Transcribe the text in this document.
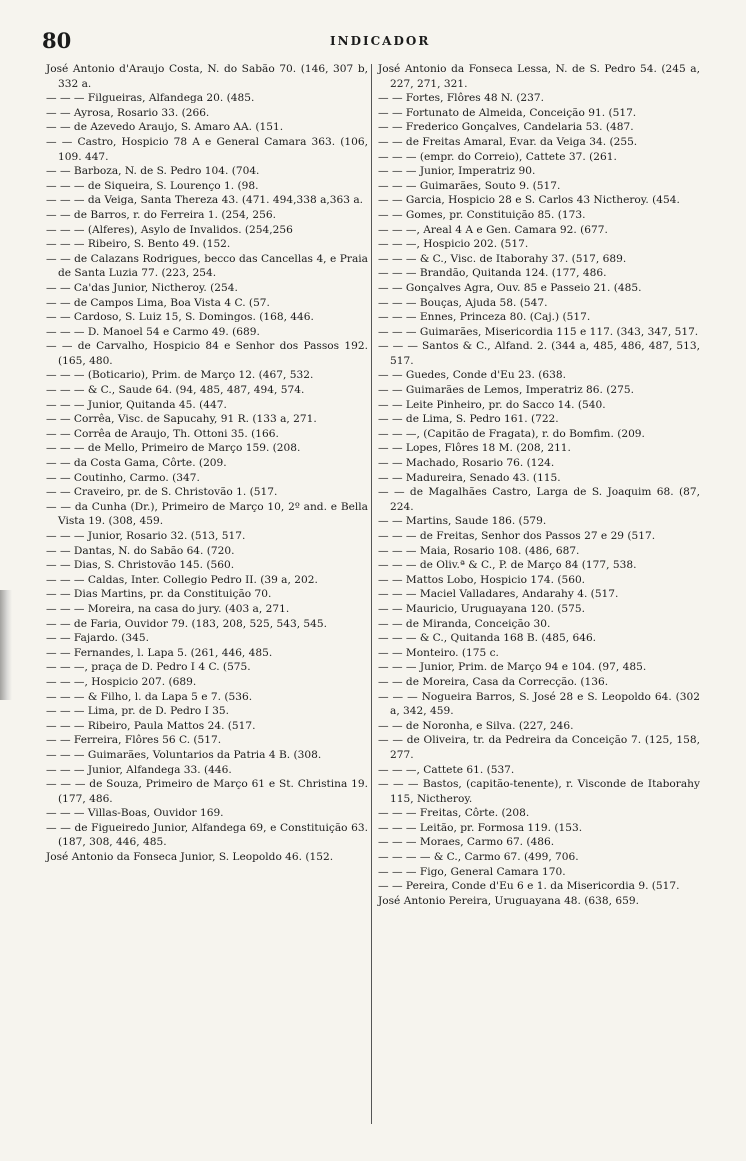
80	INDICADOR

José Antonio d'Araujo Costa, N. do Sabão 70. (146, 307 b, 332 a.

— — — Filgueiras, Alfandega 20. (485.

— — Ayrosa, Rosario 33. (266.

— — de Azevedo Araujo, S. Amaro AA. (151.

— — Castro, Hospicio 78 A e General Camara 363. (106, 109. 447.

— — Barboza, N. de S. Pedro 104. (704.

— — — de Siqueira, S. Lourenço 1. (98.

— — — da Veiga, Santa Thereza 43. (471. 494,338 a,363 a.

— — de Barros, r. do Ferreira 1. (254, 256.

— — — (Alferes), Asylo de Invalidos. (254,256

— — — Ribeiro, S. Bento 49. (152.

— — de Calazans Rodrigues, becco das Cancellas 4, e Praia de Santa Luzia 77. (223, 254.

— — Ca'das Junior, Nictheroy. (254.

— — de Campos Lima, Boa Vista 4 C. (57.

— — Cardoso, S. Luiz 15, S. Domingos. (168, 446.

— — — D. Manoel 54 e Carmo 49. (689.

— — de Carvalho, Hospicio 84 e Senhor dos Passos 192. (165, 480.

— — — (Boticario), Prim. de Março 12. (467, 532.

— — — & C., Saude 64. (94, 485, 487, 494, 574.

— — — Junior, Quitanda 45. (447.

— — Corrêa, Visc. de Sapucahy, 91 R. (133 a, 271.

— — Corrêa de Araujo, Th. Ottoni 35. (166.

— — — de Mello, Primeiro de Março 159. (208.

— — da Costa Gama, Côrte. (209.

— — Coutinho, Carmo. (347.

— — Craveiro, pr. de S. Christovão 1. (517.

— — da Cunha (Dr.), Primeiro de Março 10, 2º and. e Bella Vista 19. (308, 459.

— — — Junior, Rosario 32. (513, 517.

— — Dantas, N. do Sabão 64. (720.

— — Dias, S. Christovão 145. (560.

— — — Caldas, Inter. Collegio Pedro II. (39 a, 202.

— — Dias Martins, pr. da Constituição 70.

— — — Moreira, na casa do jury. (403 a, 271.

— — de Faria, Ouvidor 79. (183, 208, 525, 543, 545.

— — Fajardo. (345.

— — Fernandes, l. Lapa 5. (261, 446, 485.

— — —, praça de D. Pedro I 4 C. (575.

— — —, Hospicio 207. (689.

— — — & Filho, l. da Lapa 5 e 7. (536.

— — — Lima, pr. de D. Pedro I 35.

— — — Ribeiro, Paula Mattos 24. (517.

— — Ferreira, Flôres 56 C. (517.

— — — Guimarães, Voluntarios da Patria 4 B. (308.

— — — Junior, Alfandega 33. (446.

— — — de Souza, Primeiro de Março 61 e St. Christina 19. (177, 486.

— — — Villas-Boas, Ouvidor 169.

— — de Figueiredo Junior, Alfandega 69, e Constituição 63. (187, 308, 446, 485.

José Antonio da Fonseca Junior, S. Leopoldo 46. (152.

José Antonio da Fonseca Lessa, N. de S. Pedro 54. (245 a, 227, 271, 321.

— — Fortes, Flôres 48 N. (237.

— — Fortunato de Almeida, Conceição 91. (517.

— — Frederico Gonçalves, Candelaria 53. (487.

— — de Freitas Amaral, Evar. da Veiga 34. (255.

— — — (empr. do Correio), Cattete 37. (261.

— — — Junior, Imperatriz 90.

— — — Guimarães, Souto 9. (517.

— — Garcia, Hospicio 28 e S. Carlos 43 Nictheroy. (454.

— — Gomes, pr. Constituição 85. (173.

— — —, Areal 4 A e Gen. Camara 92. (677.

— — —, Hospicio 202. (517.

— — — & C., Visc. de Itaborahy 37. (517, 689.

— — — Brandão, Quitanda 124. (177, 486.

— — Gonçalves Agra, Ouv. 85 e Passeio 21. (485.

— — — Bouças, Ajuda 58. (547.

— — — Ennes, Princeza 80. (Caj.) (517.

— — — Guimarães, Misericordia 115 e 117. (343, 347, 517.

— — — Santos & C., Alfand. 2. (344 a, 485, 486, 487, 513, 517.

— — Guedes, Conde d'Eu 23. (638.

— — Guimarães de Lemos, Imperatriz 86. (275.

— — Leite Pinheiro, pr. do Sacco 14. (540.

— — de Lima, S. Pedro 161. (722.

— — —, (Capitão de Fragata), r. do Bomfim. (209.

— — Lopes, Flôres 18 M. (208, 211.

— — Machado, Rosario 76. (124.

— — Madureira, Senado 43. (115.

— — de Magalhães Castro, Larga de S. Joaquim 68. (87, 224.

— — Martins, Saude 186. (579.

— — — de Freitas, Senhor dos Passos 27 e 29 (517.

— — — Maia, Rosario 108. (486, 687.

— — — de Oliv.ª & C., P. de Março 84 (177, 538.

— — Mattos Lobo, Hospicio 174. (560.

— — — Maciel Valladares, Andarahy 4. (517.

— — Mauricio, Uruguayana 120. (575.

— — de Miranda, Conceição 30.

— — — & C., Quitanda 168 B. (485, 646.

— — Monteiro. (175 c.

— — — Junior, Prim. de Março 94 e 104. (97, 485.

— — de Moreira, Casa da Correcção. (136.

— — — Nogueira Barros, S. José 28 e S. Leopoldo 64. (302 a, 342, 459.

— — de Noronha, e Silva. (227, 246.

— — de Oliveira, tr. da Pedreira da Conceição 7. (125, 158, 277.

— — —, Cattete 61. (537.

— — — Bastos, (capitão-tenente), r. Visconde de Itaborahy 115, Nictheroy.

— — — Freitas, Côrte. (208.

— — — Leitão, pr. Formosa 119. (153.

— — — Moraes, Carmo 67. (486.

— — — — & C., Carmo 67. (499, 706.

— — — Figo, General Camara 170.

— — Pereira, Conde d'Eu 6 e 1. da Misericordia 9. (517.

José Antonio Pereira, Uruguayana 48. (638, 659.
